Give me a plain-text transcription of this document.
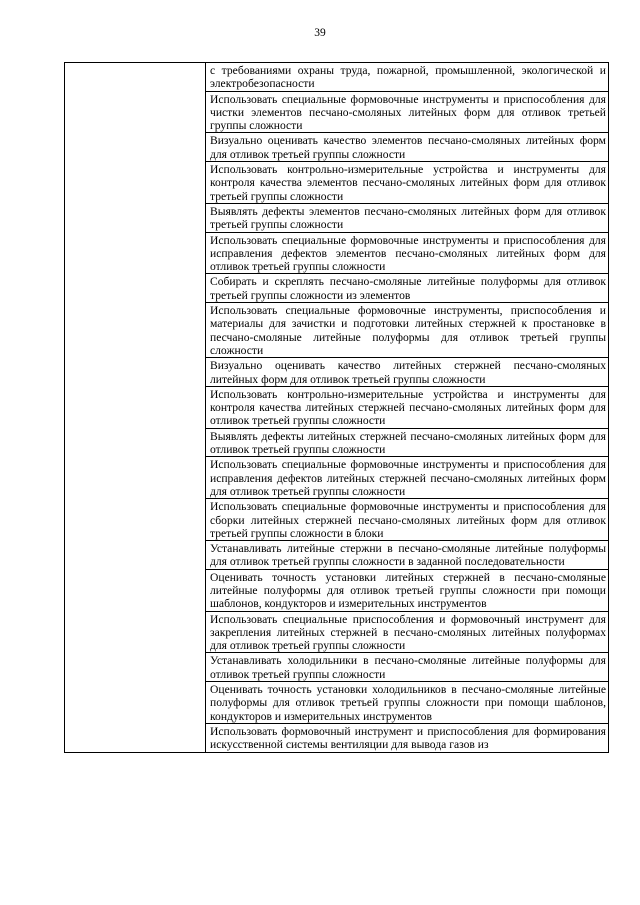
39

с требованиями охраны труда, пожарной, промышленной, экологической и электробезопасности
Использовать специальные формовочные инструменты и приспособления для чистки элементов песчано-смоляных литейных форм для отливок третьей группы сложности
Визуально оценивать качество элементов песчано-смоляных литейных форм для отливок третьей группы сложности
Использовать контрольно-измерительные устройства и инструменты для контроля качества элементов песчано-смоляных литейных форм для отливок третьей группы сложности
Выявлять дефекты элементов песчано-смоляных литейных форм для отливок третьей группы сложности
Использовать специальные формовочные инструменты и приспособления для исправления дефектов элементов песчано-смоляных литейных форм для отливок третьей группы сложности
Собирать и скреплять песчано-смоляные литейные полуформы для отливок третьей группы сложности из элементов
Использовать специальные формовочные инструменты, приспособления и материалы для зачистки и подготовки литейных стержней к простановке в песчано-смоляные литейные полуформы для отливок третьей группы сложности
Визуально оценивать качество литейных стержней песчано-смоляных литейных форм для отливок третьей группы сложности
Использовать контрольно-измерительные устройства и инструменты для контроля качества литейных стержней песчано-смоляных литейных форм для отливок третьей группы сложности
Выявлять дефекты литейных стержней песчано-смоляных литейных форм для отливок третьей группы сложности
Использовать специальные формовочные инструменты и приспособления для исправления дефектов литейных стержней песчано-смоляных литейных форм для отливок третьей группы сложности
Использовать специальные формовочные инструменты и приспособления для сборки литейных стержней песчано-смоляных литейных форм для отливок третьей группы сложности в блоки
Устанавливать литейные стержни в песчано-смоляные литейные полуформы для отливок третьей группы сложности в заданной последовательности
Оценивать точность установки литейных стержней в песчано-смоляные литейные полуформы для отливок третьей группы сложности при помощи шаблонов, кондукторов и измерительных инструментов
Использовать специальные приспособления и формовочный инструмент для закрепления литейных стержней в песчано-смоляных литейных полуформах для отливок третьей группы сложности
Устанавливать холодильники в песчано-смоляные литейные полуформы для отливок третьей группы сложности
Оценивать точность установки холодильников в песчано-смоляные литейные полуформы для отливок третьей группы сложности при помощи шаблонов, кондукторов и измерительных инструментов
Использовать формовочный инструмент и приспособления для формирования искусственной системы вентиляции для вывода газов из
